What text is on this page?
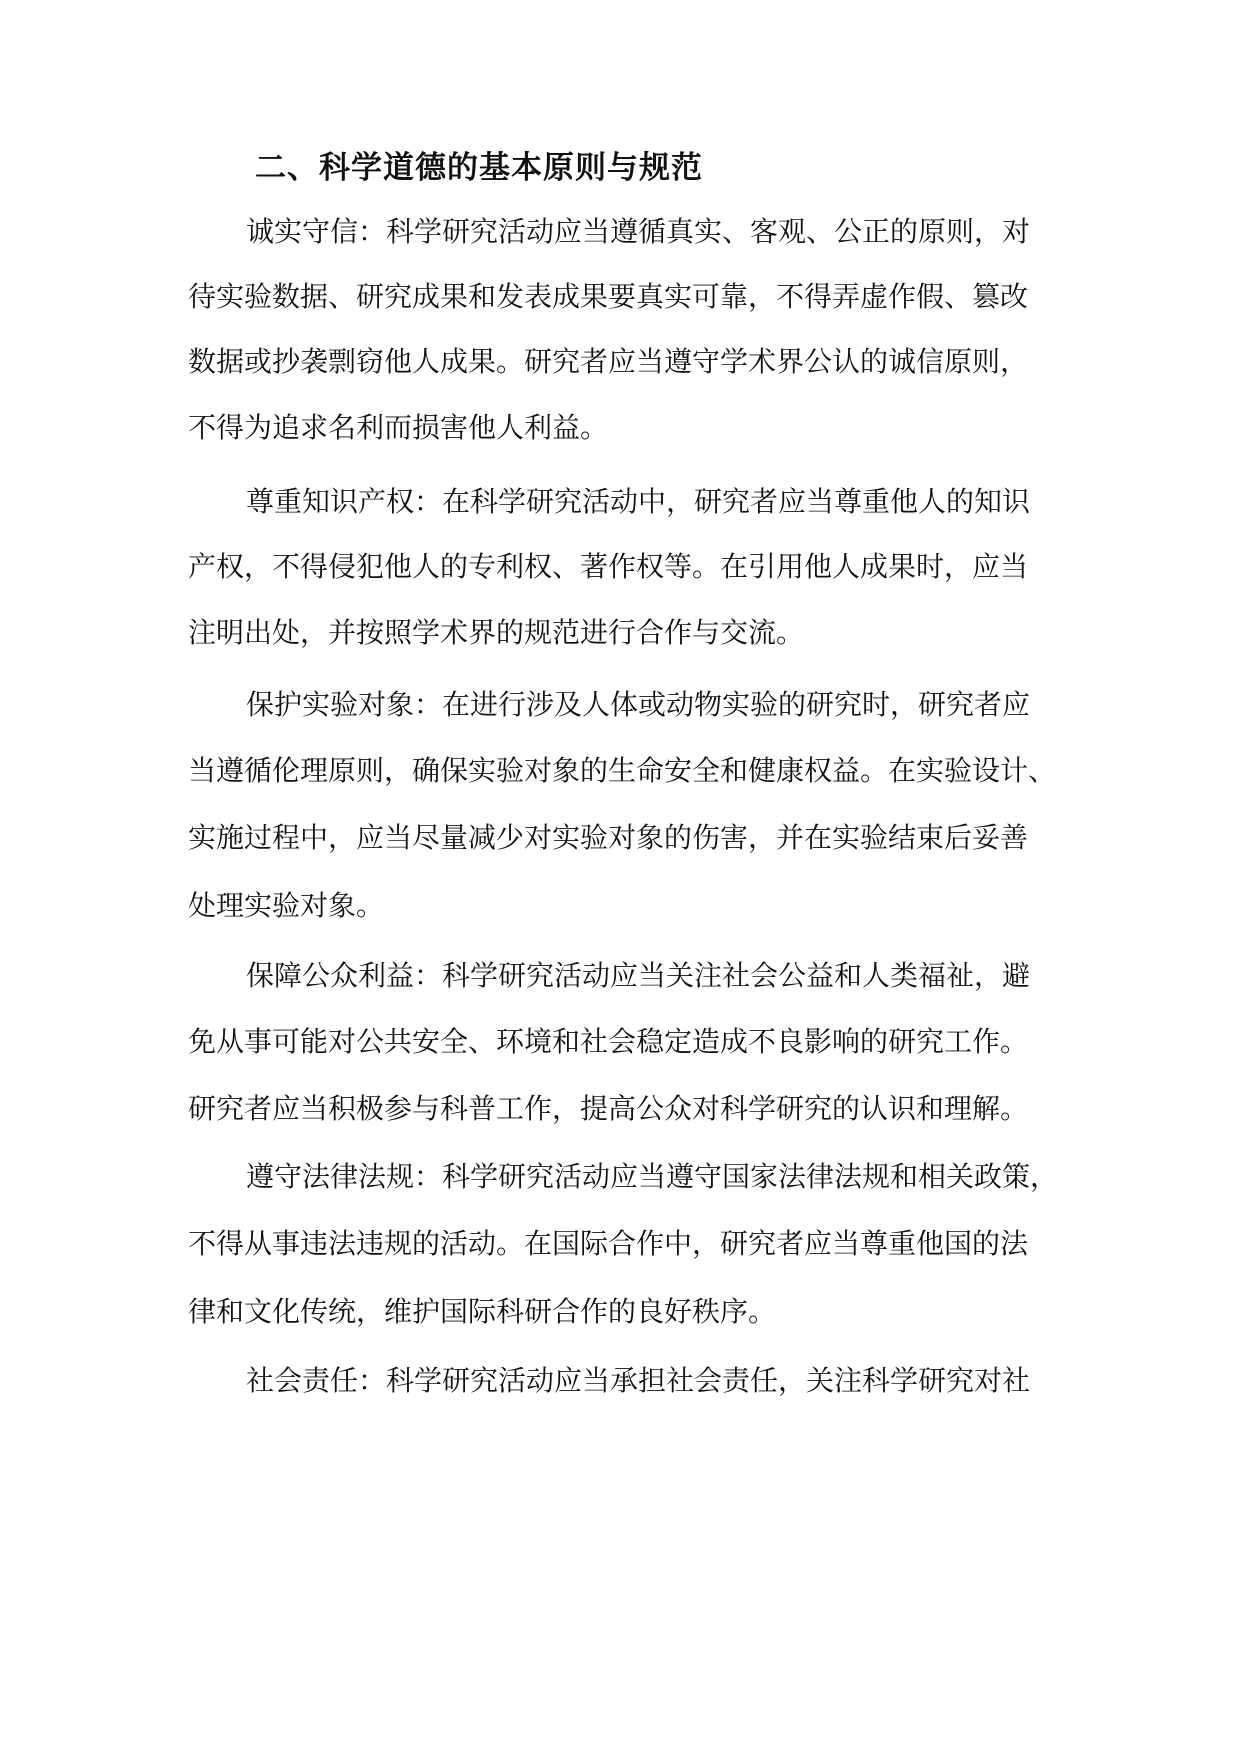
二、科学道德的基本原则与规范

诚实守信：科学研究活动应当遵循真实、客观、公正的原则，对

待实验数据、研究成果和发表成果要真实可靠，不得弄虚作假、篡改

数据或抄袭剽窃他人成果。研究者应当遵守学术界公认的诚信原则，

不得为追求名利而损害他人利益。

尊重知识产权：在科学研究活动中，研究者应当尊重他人的知识

产权，不得侵犯他人的专利权、著作权等。在引用他人成果时，应当

注明出处，并按照学术界的规范进行合作与交流。

保护实验对象：在进行涉及人体或动物实验的研究时，研究者应

当遵循伦理原则，确保实验对象的生命安全和健康权益。在实验设计、

实施过程中，应当尽量减少对实验对象的伤害，并在实验结束后妥善

处理实验对象。

保障公众利益：科学研究活动应当关注社会公益和人类福祉，避

免从事可能对公共安全、环境和社会稳定造成不良影响的研究工作。

研究者应当积极参与科普工作，提高公众对科学研究的认识和理解。

遵守法律法规：科学研究活动应当遵守国家法律法规和相关政策，

不得从事违法违规的活动。在国际合作中，研究者应当尊重他国的法

律和文化传统，维护国际科研合作的良好秩序。

社会责任：科学研究活动应当承担社会责任，关注科学研究对社
